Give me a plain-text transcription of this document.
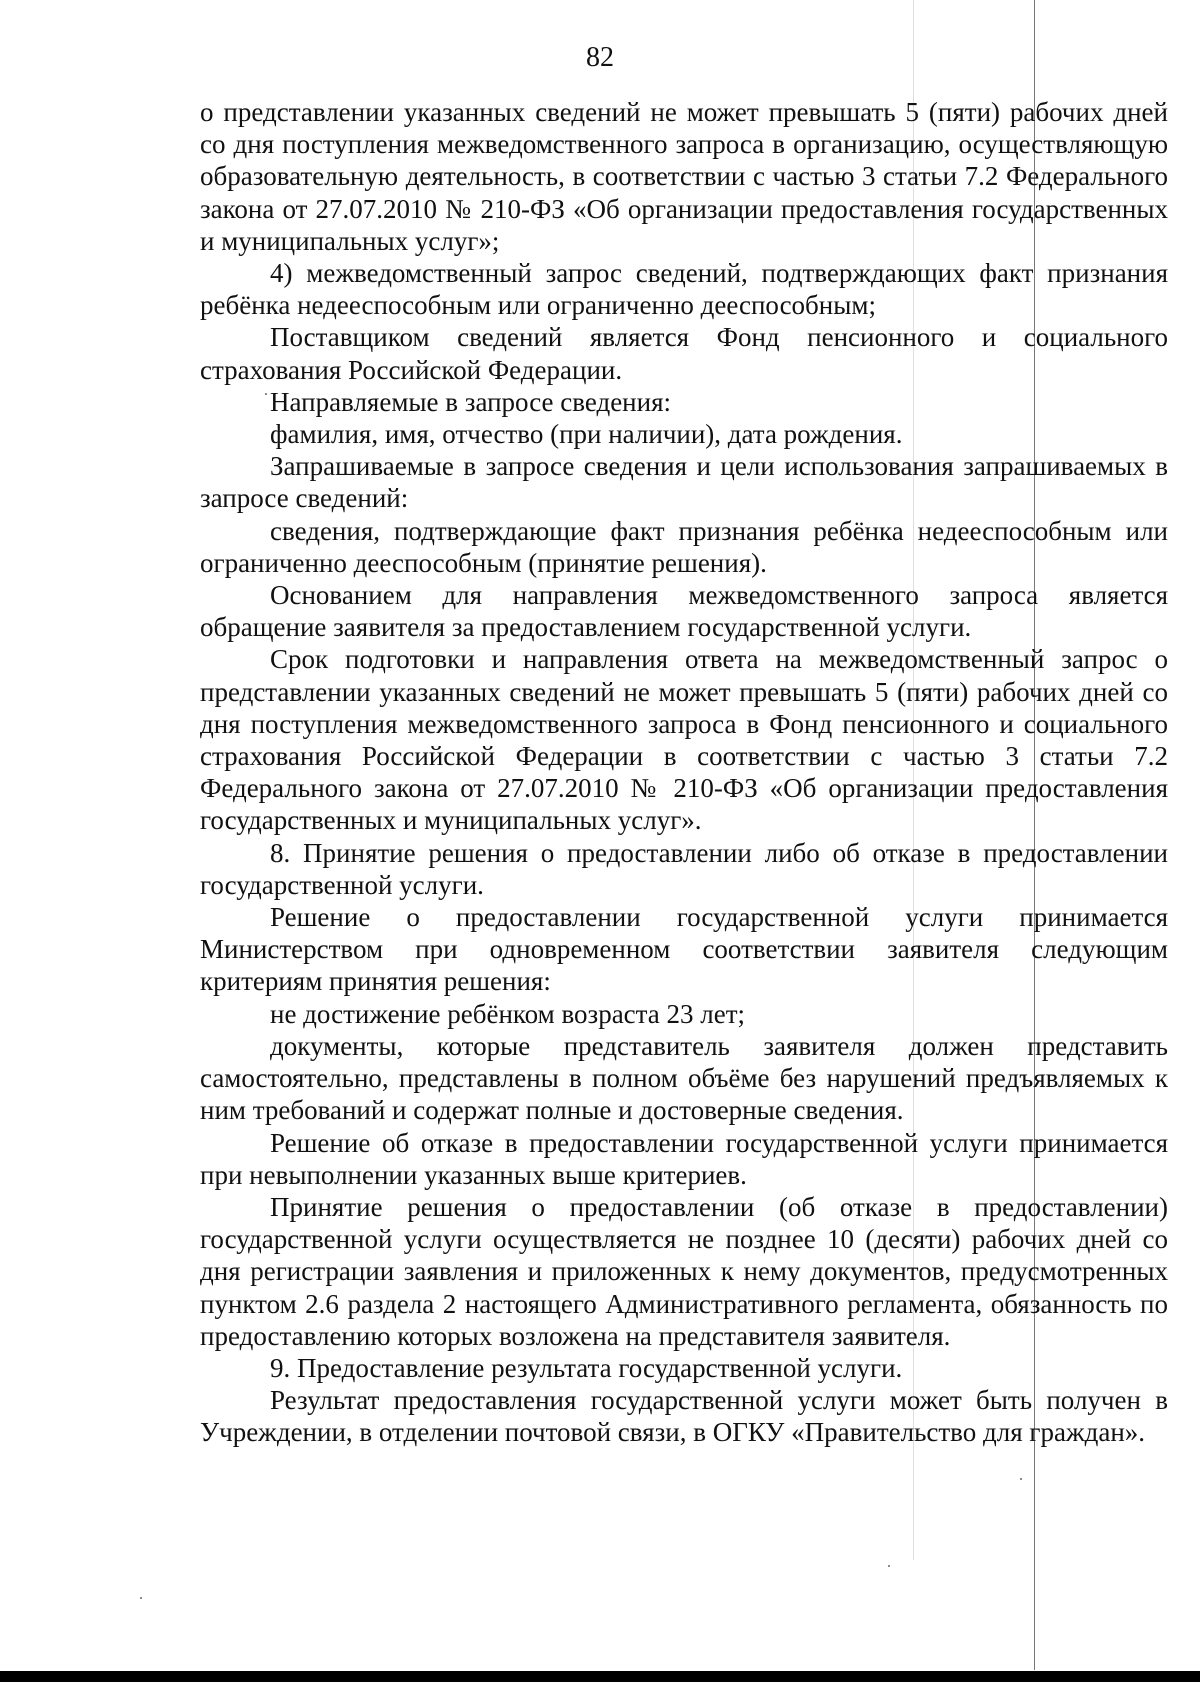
82

о представлении указанных сведений не может превышать 5 (пяти) рабочих дней со дня поступления межведомственного запроса в организацию, осуществляющую образовательную деятельность, в соответствии с частью 3 статьи 7.2 Федерального закона от 27.07.2010 № 210-ФЗ «Об организации предоставления государственных и муниципальных услуг»;

4) межведомственный запрос сведений, подтверждающих факт признания ребёнка недееспособным или ограниченно дееспособным;

Поставщиком сведений является Фонд пенсионного и социального страхования Российской Федерации.

Направляемые в запросе сведения:

фамилия, имя, отчество (при наличии), дата рождения.

Запрашиваемые в запросе сведения и цели использования запрашиваемых в запросе сведений:

сведения, подтверждающие факт признания ребёнка недееспособным или ограниченно дееспособным (принятие решения).

Основанием для направления межведомственного запроса является обращение заявителя за предоставлением государственной услуги.

Срок подготовки и направления ответа на межведомственный запрос о представлении указанных сведений не может превышать 5 (пяти) рабочих дней со дня поступления межведомственного запроса в Фонд пенсионного и социального страхования Российской Федерации в соответствии с частью 3 статьи 7.2 Федерального закона от 27.07.2010 № 210-ФЗ «Об организации предоставления государственных и муниципальных услуг».

8. Принятие решения о предоставлении либо об отказе в предоставлении государственной услуги.

Решение о предоставлении государственной услуги принимается Министерством при одновременном соответствии заявителя следующим критериям принятия решения:

не достижение ребёнком возраста 23 лет;

документы, которые представитель заявителя должен представить самостоятельно, представлены в полном объёме без нарушений предъявляемых к ним требований и содержат полные и достоверные сведения.

Решение об отказе в предоставлении государственной услуги принимается при невыполнении указанных выше критериев.

Принятие решения о предоставлении (об отказе в предоставлении) государственной услуги осуществляется не позднее 10 (десяти) рабочих дней со дня регистрации заявления и приложенных к нему документов, предусмотренных пунктом 2.6 раздела 2 настоящего Административного регламента, обязанность по предоставлению которых возложена на представителя заявителя.

9. Предоставление результата государственной услуги.

Результат предоставления государственной услуги может быть получен в Учреждении, в отделении почтовой связи, в ОГКУ «Правительство для граждан».
